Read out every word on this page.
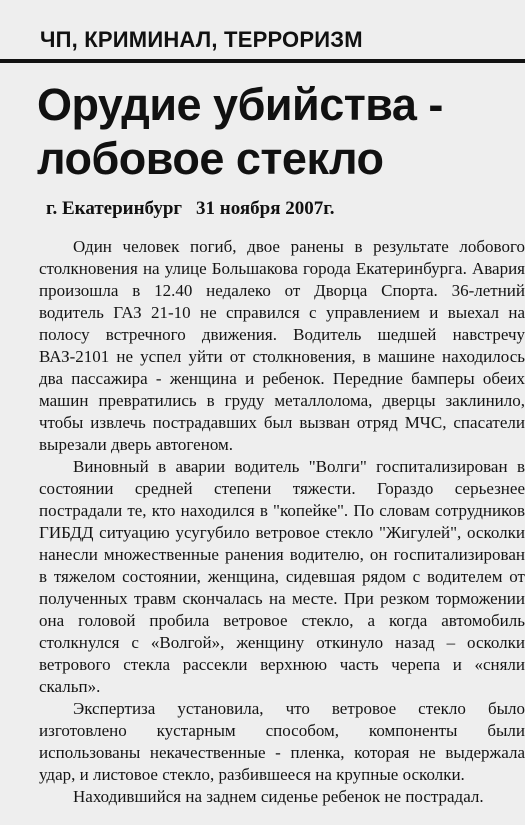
ЧП, КРИМИНАЛ, ТЕРРОРИЗМ
Орудие убийства -
лобовое стекло
г. Екатеринбург 31 ноября 2007г.

Один человек погиб, двое ранены в результате лобового столкновения на улице Большакова города Екатеринбурга. Авария произошла в 12.40 недалеко от Дворца Спорта. 36-летний водитель ГАЗ 21-10 не справился с управлением и выехал на полосу встречного движения. Водитель шедшей навстречу ВАЗ-2101 не успел уйти от столкновения, в машине находилось два пассажира - женщина и ребенок. Передние бамперы обеих машин превратились в груду металлолома, дверцы заклинило, чтобы извлечь пострадавших был вызван отряд МЧС, спасатели вырезали дверь автогеном.

Виновный в аварии водитель "Волги" госпитализирован в состоянии средней степени тяжести. Гораздо серьезнее пострадали те, кто находился в "копейке". По словам сотрудников ГИБДД ситуацию усугубило ветровое стекло "Жигулей", осколки нанесли множественные ранения водителю, он госпитализирован в тяжелом состоянии, женщина, сидевшая рядом с водителем от полученных травм скончалась на месте. При резком торможении она головой пробила ветровое стекло, а когда автомобиль столкнулся с «Волгой», женщину откинуло назад – осколки ветрового стекла рассекли верхнюю часть черепа и «сняли скальп».

Экспертиза установила, что ветровое стекло было изготовлено кустарным способом, компоненты были использованы некачественные - пленка, которая не выдержала удар, и листовое стекло, разбившееся на крупные осколки.

Находившийся на заднем сиденье ребенок не пострадал.
